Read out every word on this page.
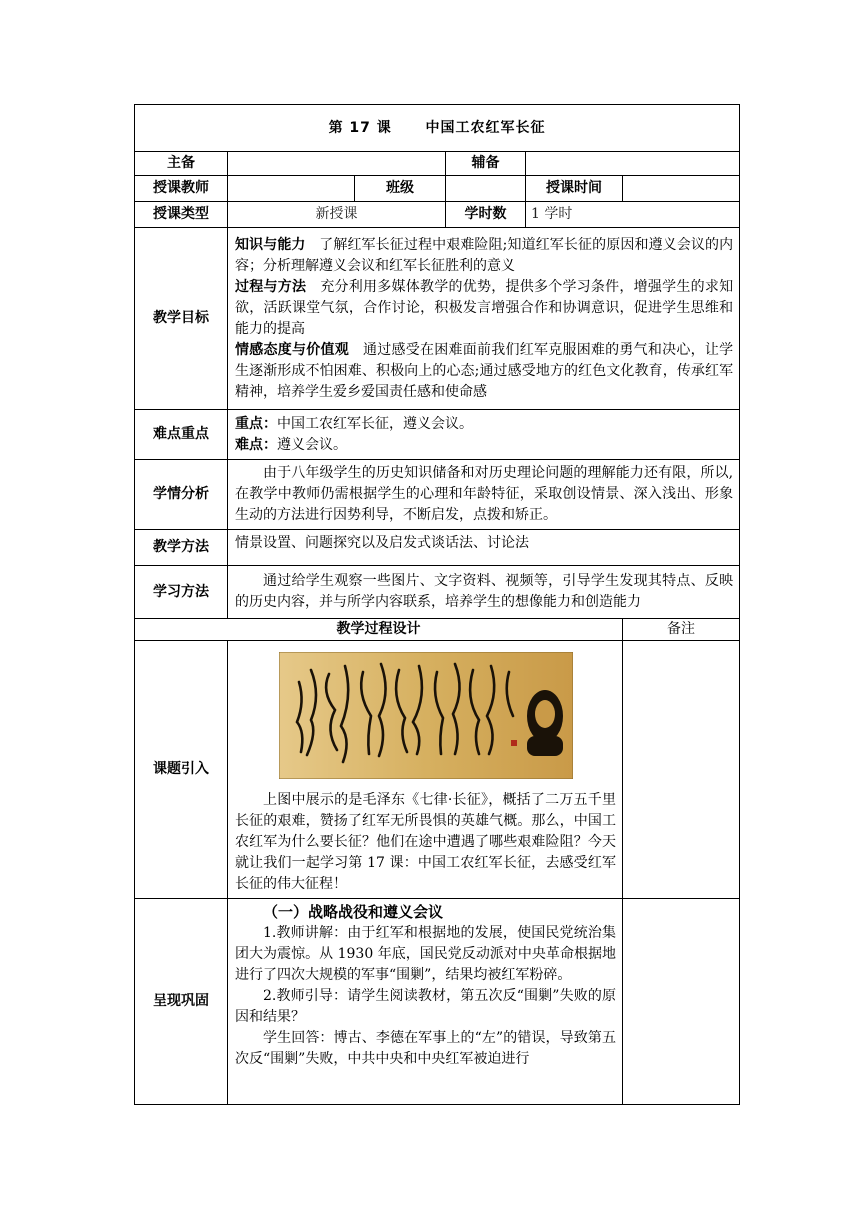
第 17 课 中国工农红军长征					
主备			辅备		
授课教师		班级		授课时间	
授课类型	新授课		学时数	1 学时	
教学目标	知识与能力 了解红军长征过程中艰难险阻;知道红军长征的原因和遵义会议的内容；分析理解遵义会议和红军长征胜利的意义
过程与方法 充分利用多媒体教学的优势，提供多个学习条件，增强学生的求知欲，活跃课堂气氛，合作讨论，积极发言增强合作和协调意识，促进学生思维和能力的提高
情感态度与价值观 通过感受在困难面前我们红军克服困难的勇气和决心，让学生逐渐形成不怕困难、积极向上的心态;通过感受地方的红色文化教育，传承红军精神，培养学生爱乡爱国责任感和使命感				
难点重点	重点：中国工农红军长征，遵义会议。
难点：遵义会议。				
学情分析	由于八年级学生的历史知识储备和对历史理论问题的理解能力还有限，所以,在教学中教师仍需根据学生的心理和年龄特征，采取创设情景、深入浅出、形象生动的方法进行因势利导，不断启发，点拨和矫正。				
教学方法	情景设置、问题探究以及启发式谈话法、讨论法				
学习方法	通过给学生观察一些图片、文字资料、视频等，引导学生发现其特点、反映的历史内容，并与所学内容联系，培养学生的想像能力和创造能力				
教学过程设计					备注
课题引入	上图中展示的是毛泽东《七律·长征》，概括了二万五千里长征的艰难，赞扬了红军无所畏惧的英雄气概。那么，中国工农红军为什么要长征？他们在途中遭遇了哪些艰难险阻？今天就让我们一起学习第 17 课：中国工农红军长征，去感受红军长征的伟大征程！				

呈现巩固	（一）战略战役和遵义会议
1.教师讲解：由于红军和根据地的发展，使国民党统治集团大为震惊。从 1930 年底，国民党反动派对中央革命根据地进行了四次大规模的军事“围剿”，结果均被红军粉碎。
2.教师引导：请学生阅读教材，第五次反“围剿”失败的原因和结果？
学生回答：博古、李德在军事上的“左”的错误，导致第五次反“围剿”失败，中共中央和中央红军被迫进行				
